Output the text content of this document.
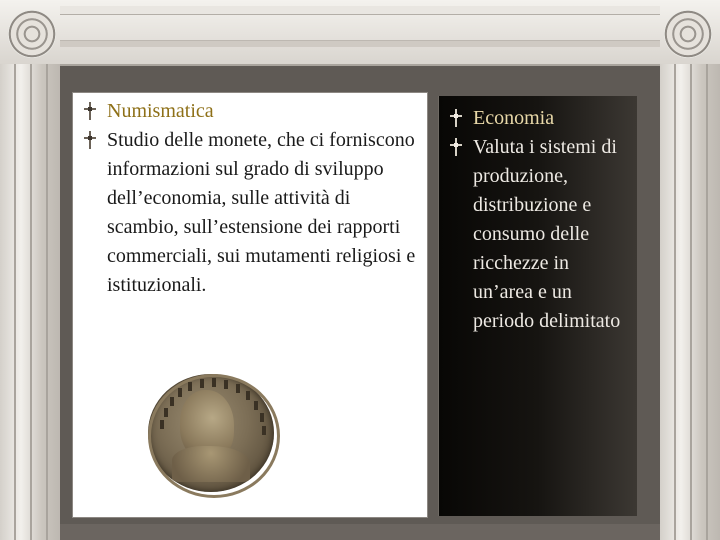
Numismatica
Studio delle monete, che ci forniscono informazioni sul grado di sviluppo dell’economia, sulle attività di scambio, sull’estensione dei rapporti commerciali, sui mutamenti religiosi e istituzionali.
Economia
Valuta i sistemi di produzione, distribuzione e consumo delle ricchezze in un’area e un periodo delimitato
